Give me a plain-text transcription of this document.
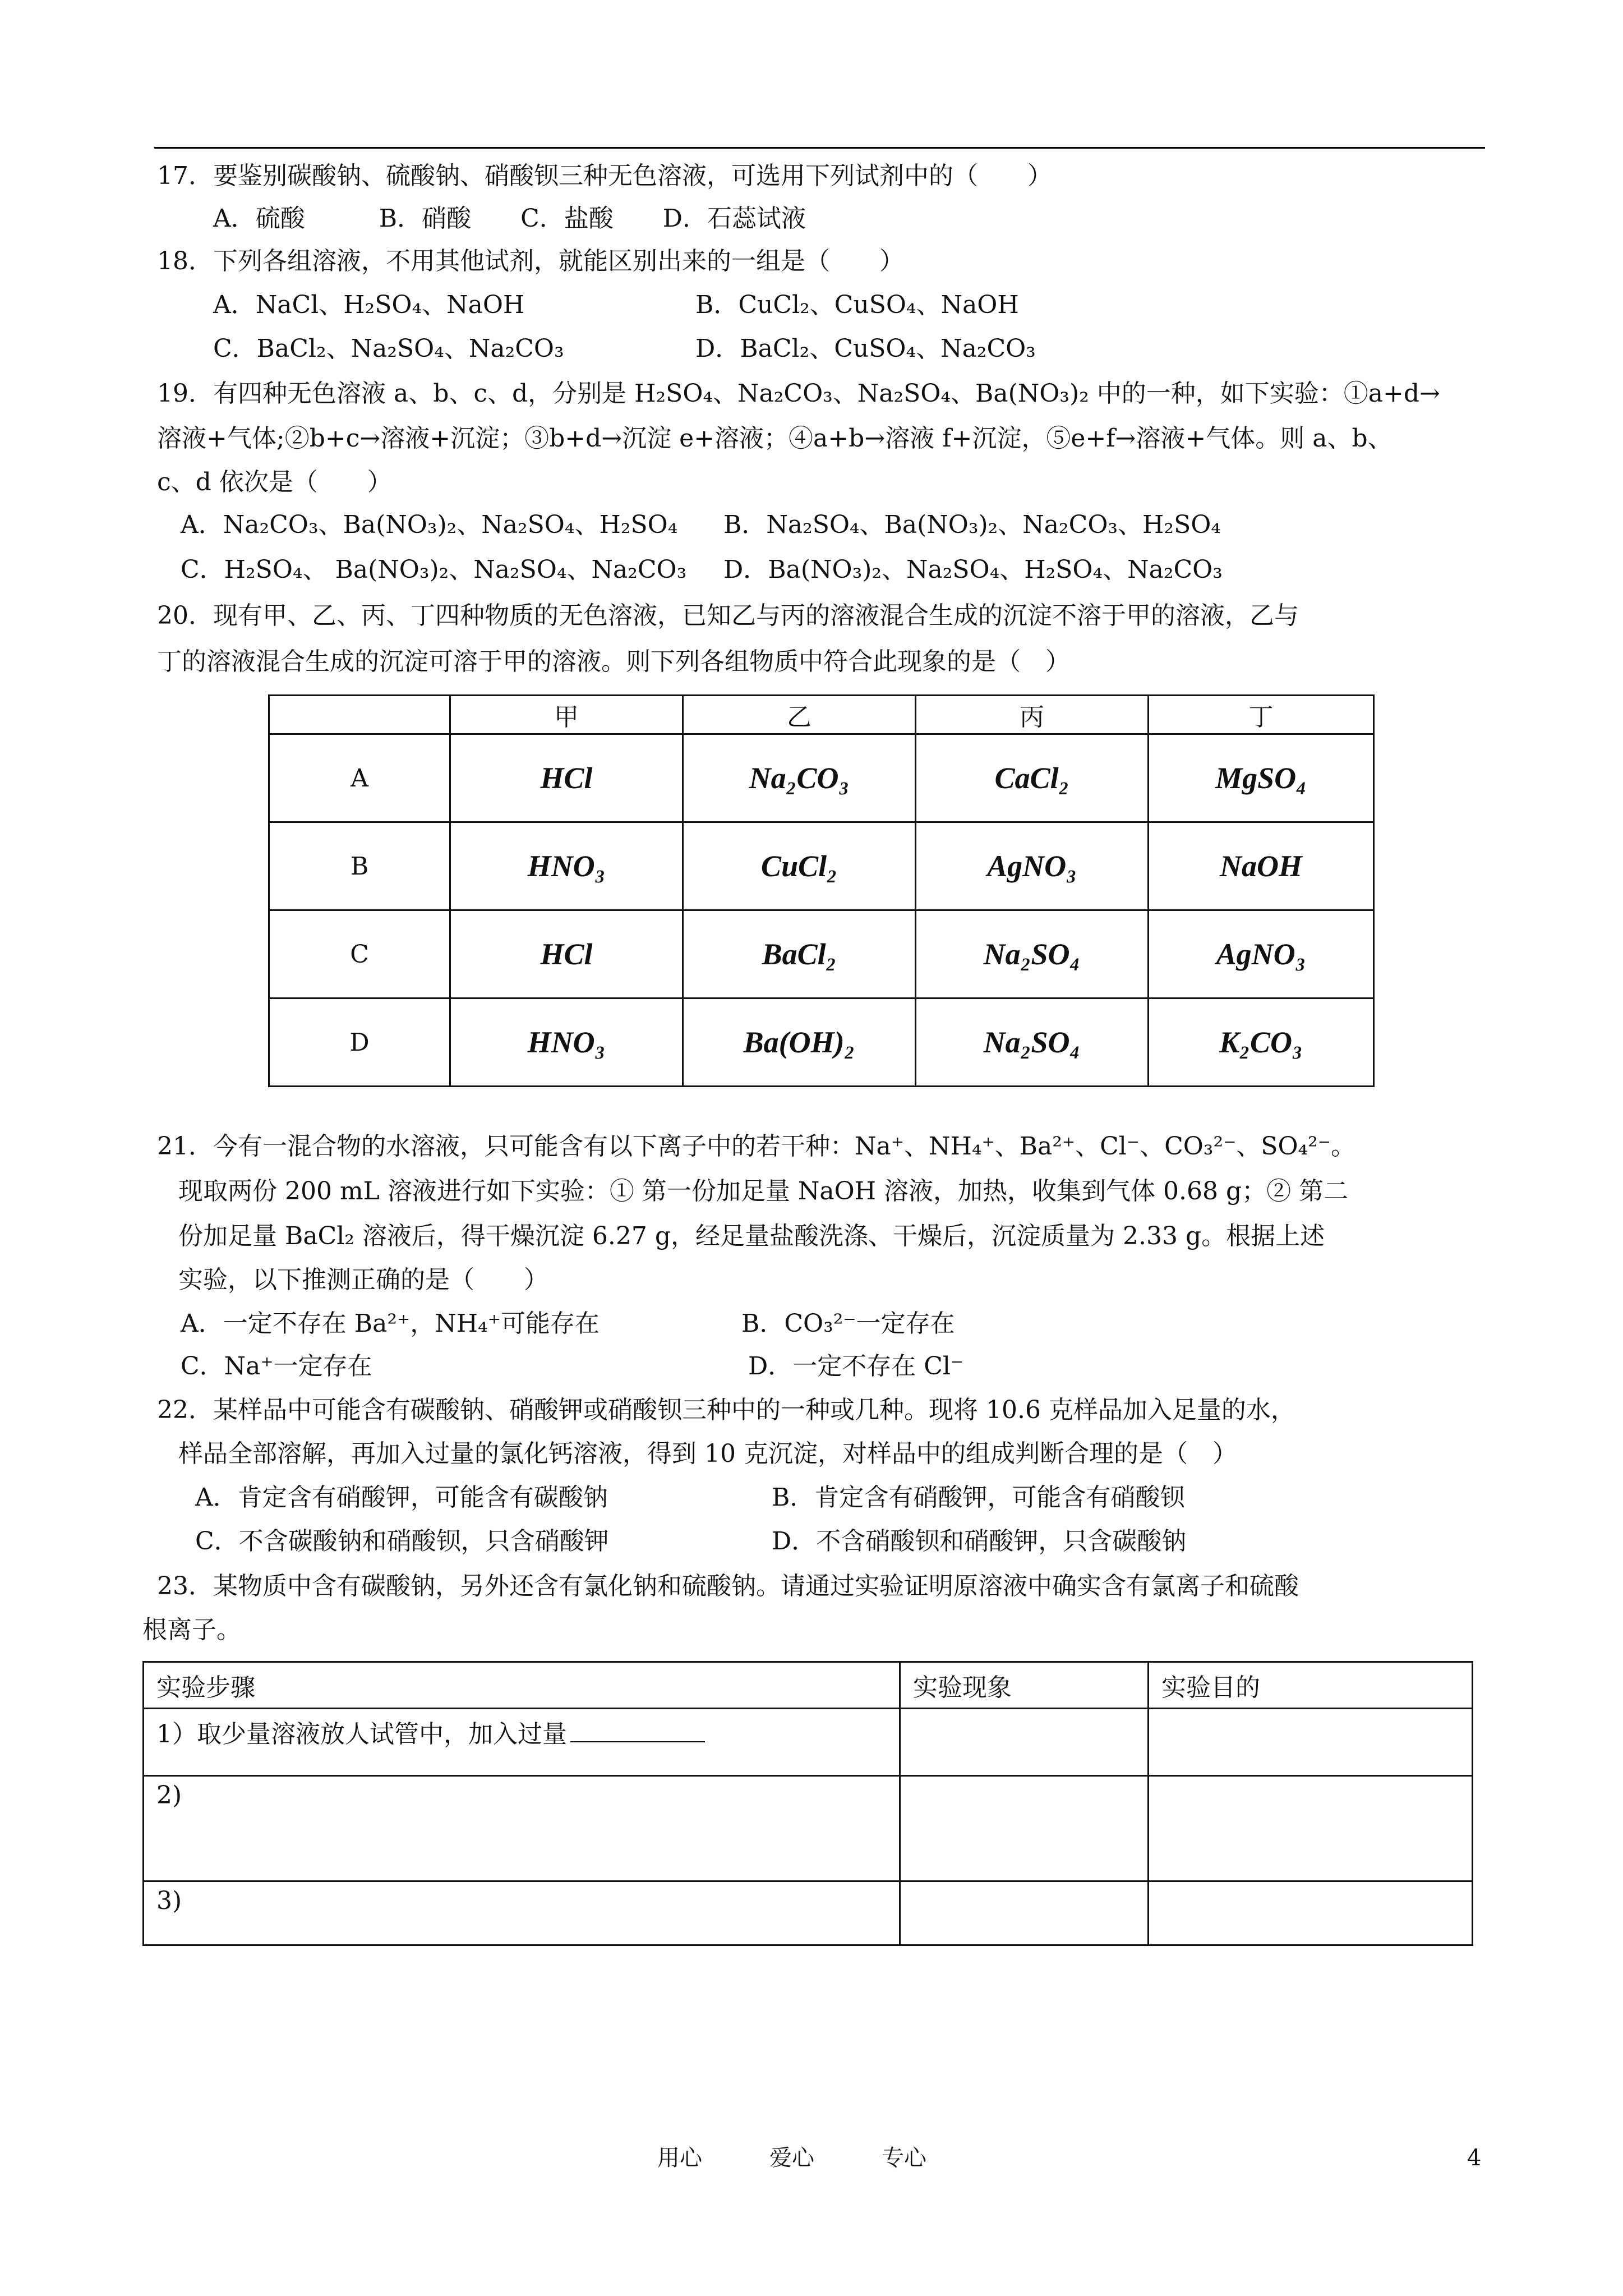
17．要鉴别碳酸钠、硫酸钠、硝酸钡三种无色溶液，可选用下列试剂中的（　　）
A．硫酸　　　B．硝酸　　C．盐酸　　D．石蕊试液
18．下列各组溶液，不用其他试剂，就能区别出来的一组是（　　）
A．NaCl、H₂SO₄、NaOH	B．CuCl₂、CuSO₄、NaOH
C．BaCl₂、Na₂SO₄、Na₂CO₃	D．BaCl₂、CuSO₄、Na₂CO₃
19．有四种无色溶液 a、b、c、d，分别是 H₂SO₄、Na₂CO₃、Na₂SO₄、Ba(NO₃)₂ 中的一种，如下实验：①a+d→
溶液+气体;②b+c→溶液+沉淀；③b+d→沉淀 e+溶液；④a+b→溶液 f+沉淀，⑤e+f→溶液+气体。则 a、b、
c、d 依次是（　　）
A．Na₂CO₃、Ba(NO₃)₂、Na₂SO₄、H₂SO₄ B．Na₂SO₄、Ba(NO₃)₂、Na₂CO₃、H₂SO₄
C．H₂SO₄、 Ba(NO₃)₂、Na₂SO₄、Na₂CO₃ D．Ba(NO₃)₂、Na₂SO₄、H₂SO₄、Na₂CO₃
20．现有甲、乙、丙、丁四种物质的无色溶液，已知乙与丙的溶液混合生成的沉淀不溶于甲的溶液，乙与
丁的溶液混合生成的沉淀可溶于甲的溶液。则下列各组物质中符合此现象的是（　）
	甲	乙	丙	丁
A	HCl	Na₂CO₃	CaCl₂	MgSO₄
B	HNO₃	CuCl₂	AgNO₃	NaOH
C	HCl	BaCl₂	Na₂SO₄	AgNO₃
D	HNO₃	Ba(OH)₂	Na₂SO₄	K₂CO₃
21．今有一混合物的水溶液，只可能含有以下离子中的若干种：Na⁺、NH₄⁺、Ba²⁺、Cl⁻、CO₃²⁻、SO₄²⁻。
现取两份 200 mL 溶液进行如下实验：① 第一份加足量 NaOH 溶液，加热，收集到气体 0.68 g；② 第二
份加足量 BaCl₂ 溶液后，得干燥沉淀 6.27 g，经足量盐酸洗涤、干燥后，沉淀质量为 2.33 g。根据上述
实验，以下推测正确的是（　　）
A．一定不存在 Ba²⁺，NH₄⁺可能存在	B．CO₃²⁻一定存在
C．Na⁺一定存在	D．一定不存在 Cl⁻
22．某样品中可能含有碳酸钠、硝酸钾或硝酸钡三种中的一种或几种。现将 10.6 克样品加入足量的水，
样品全部溶解，再加入过量的氯化钙溶液，得到 10 克沉淀，对样品中的组成判断合理的是（　）
A．肯定含有硝酸钾，可能含有碳酸钠	B．肯定含有硝酸钾，可能含有硝酸钡
C．不含碳酸钠和硝酸钡，只含硝酸钾	D．不含硝酸钡和硝酸钾，只含碳酸钠
23．某物质中含有碳酸钠，另外还含有氯化钠和硫酸钠。请通过实验证明原溶液中确实含有氯离子和硫酸
根离子。
实验步骤	实验现象	实验目的
1）取少量溶液放人试管中，加入过量		
2)		
3)		
用心	爱心	专心	4
